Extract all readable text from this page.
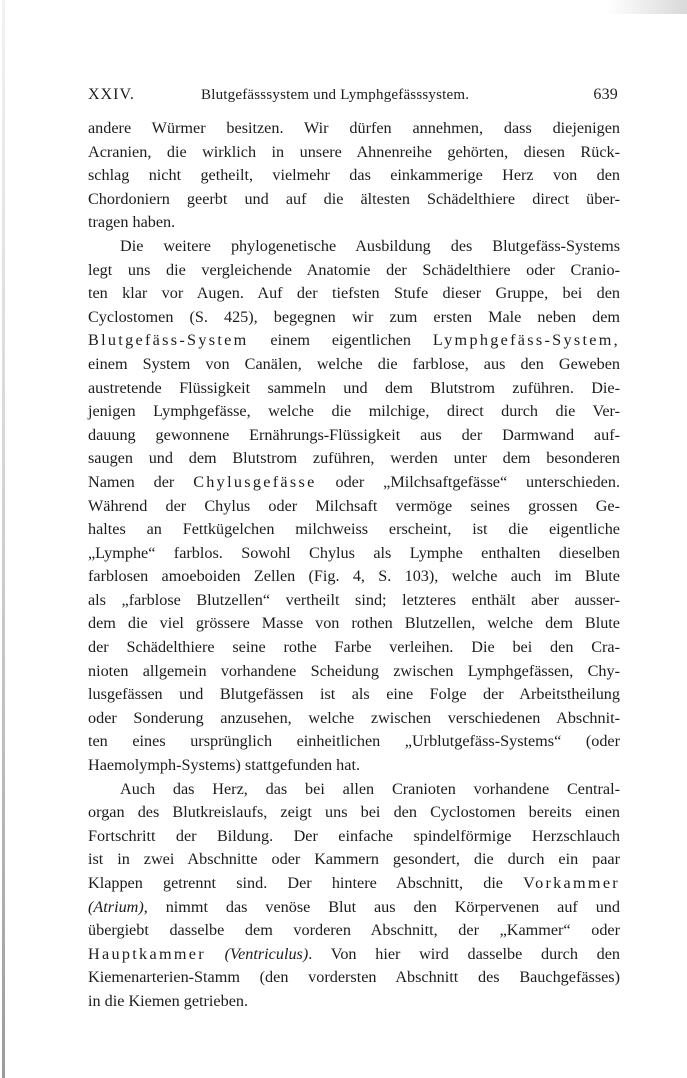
XXIV.	Blutgefässsystem und Lymphgefässsystem.	639
andere Würmer besitzen. Wir dürfen annehmen, dass diejenigen
Acranien, die wirklich in unsere Ahnenreihe gehörten, diesen Rück-
schlag nicht getheilt, vielmehr das einkammerige Herz von den
Chordoniern geerbt und auf die ältesten Schädelthiere direct über-
tragen haben.
Die weitere phylogenetische Ausbildung des Blutgefäss-Systems
legt uns die vergleichende Anatomie der Schädelthiere oder Cranio-
ten klar vor Augen. Auf der tiefsten Stufe dieser Gruppe, bei den
Cyclostomen (S. 425), begegnen wir zum ersten Male neben dem
Blutgefäss-System einem eigentlichen Lymphgefäss-System,
einem System von Canälen, welche die farblose, aus den Geweben
austretende Flüssigkeit sammeln und dem Blutstrom zuführen. Die-
jenigen Lymphgefässe, welche die milchige, direct durch die Ver-
dauung gewonnene Ernährungs-Flüssigkeit aus der Darmwand auf-
saugen und dem Blutstrom zuführen, werden unter dem besonderen
Namen der Chylusgefässe oder „Milchsaftgefässe“ unterschieden.
Während der Chylus oder Milchsaft vermöge seines grossen Ge-
haltes an Fettkügelchen milchweiss erscheint, ist die eigentliche
„Lymphe“ farblos. Sowohl Chylus als Lymphe enthalten dieselben
farblosen amoeboiden Zellen (Fig. 4, S. 103), welche auch im Blute
als „farblose Blutzellen“ vertheilt sind; letzteres enthält aber ausser-
dem die viel grössere Masse von rothen Blutzellen, welche dem Blute
der Schädelthiere seine rothe Farbe verleihen. Die bei den Cra-
nioten allgemein vorhandene Scheidung zwischen Lymphgefässen, Chy-
lusgefässen und Blutgefässen ist als eine Folge der Arbeitstheilung
oder Sonderung anzusehen, welche zwischen verschiedenen Abschnit-
ten eines ursprünglich einheitlichen „Urblutgefäss-Systems“ (oder
Haemolymph-Systems) stattgefunden hat.
Auch das Herz, das bei allen Cranioten vorhandene Central-
organ des Blutkreislaufs, zeigt uns bei den Cyclostomen bereits einen
Fortschritt der Bildung. Der einfache spindelförmige Herzschlauch
ist in zwei Abschnitte oder Kammern gesondert, die durch ein paar
Klappen getrennt sind. Der hintere Abschnitt, die Vorkammer
(Atrium), nimmt das venöse Blut aus den Körpervenen auf und
übergiebt dasselbe dem vorderen Abschnitt, der „Kammer“ oder
Hauptkammer (Ventriculus). Von hier wird dasselbe durch den
Kiemenarterien-Stamm (den vordersten Abschnitt des Bauchgefässes)
in die Kiemen getrieben.
